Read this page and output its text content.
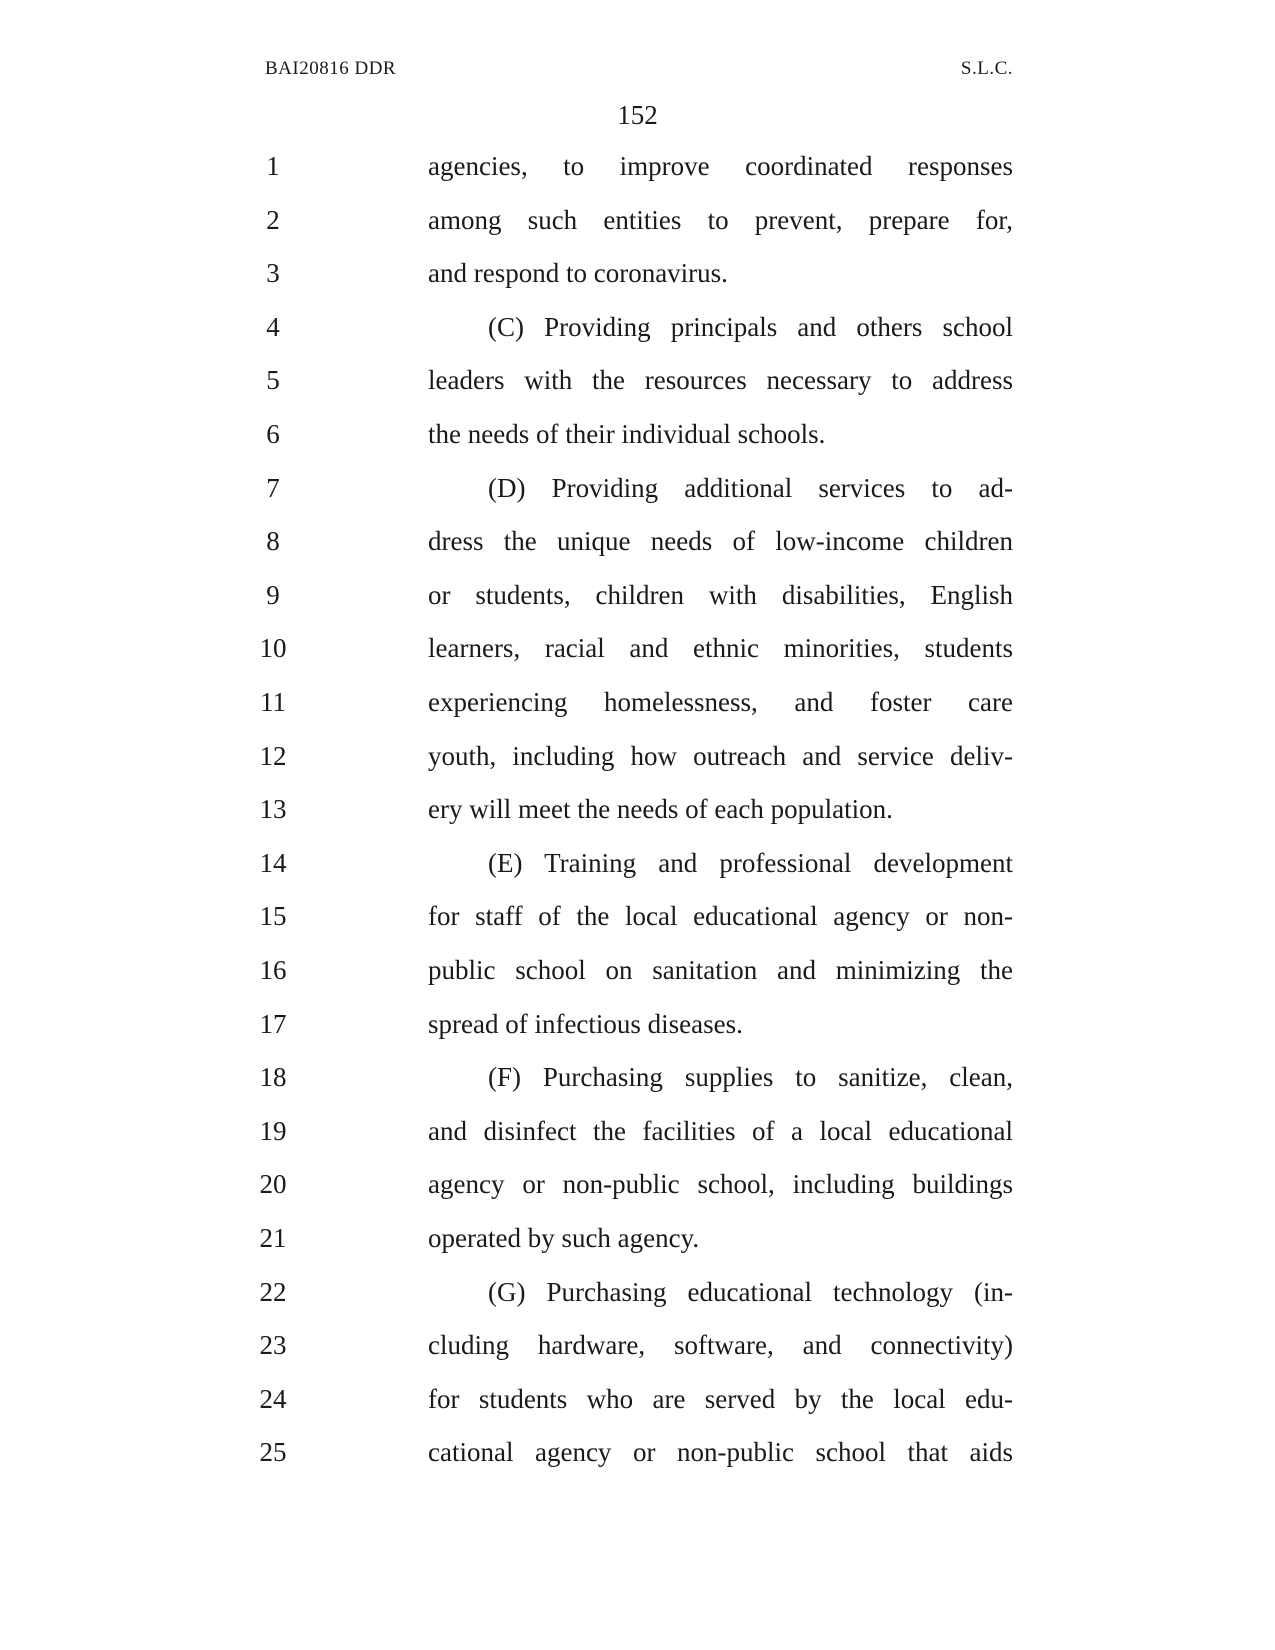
BAI20816 DDR	S.L.C.
152
1	agencies, to improve coordinated responses
2	among such entities to prevent, prepare for,
3	and respond to coronavirus.
4	(C) Providing principals and others school
5	leaders with the resources necessary to address
6	the needs of their individual schools.
7	(D) Providing additional services to ad-
8	dress the unique needs of low-income children
9	or students, children with disabilities, English
10	learners, racial and ethnic minorities, students
11	experiencing homelessness, and foster care
12	youth, including how outreach and service deliv-
13	ery will meet the needs of each population.
14	(E) Training and professional development
15	for staff of the local educational agency or non-
16	public school on sanitation and minimizing the
17	spread of infectious diseases.
18	(F) Purchasing supplies to sanitize, clean,
19	and disinfect the facilities of a local educational
20	agency or non-public school, including buildings
21	operated by such agency.
22	(G) Purchasing educational technology (in-
23	cluding hardware, software, and connectivity)
24	for students who are served by the local edu-
25	cational agency or non-public school that aids
